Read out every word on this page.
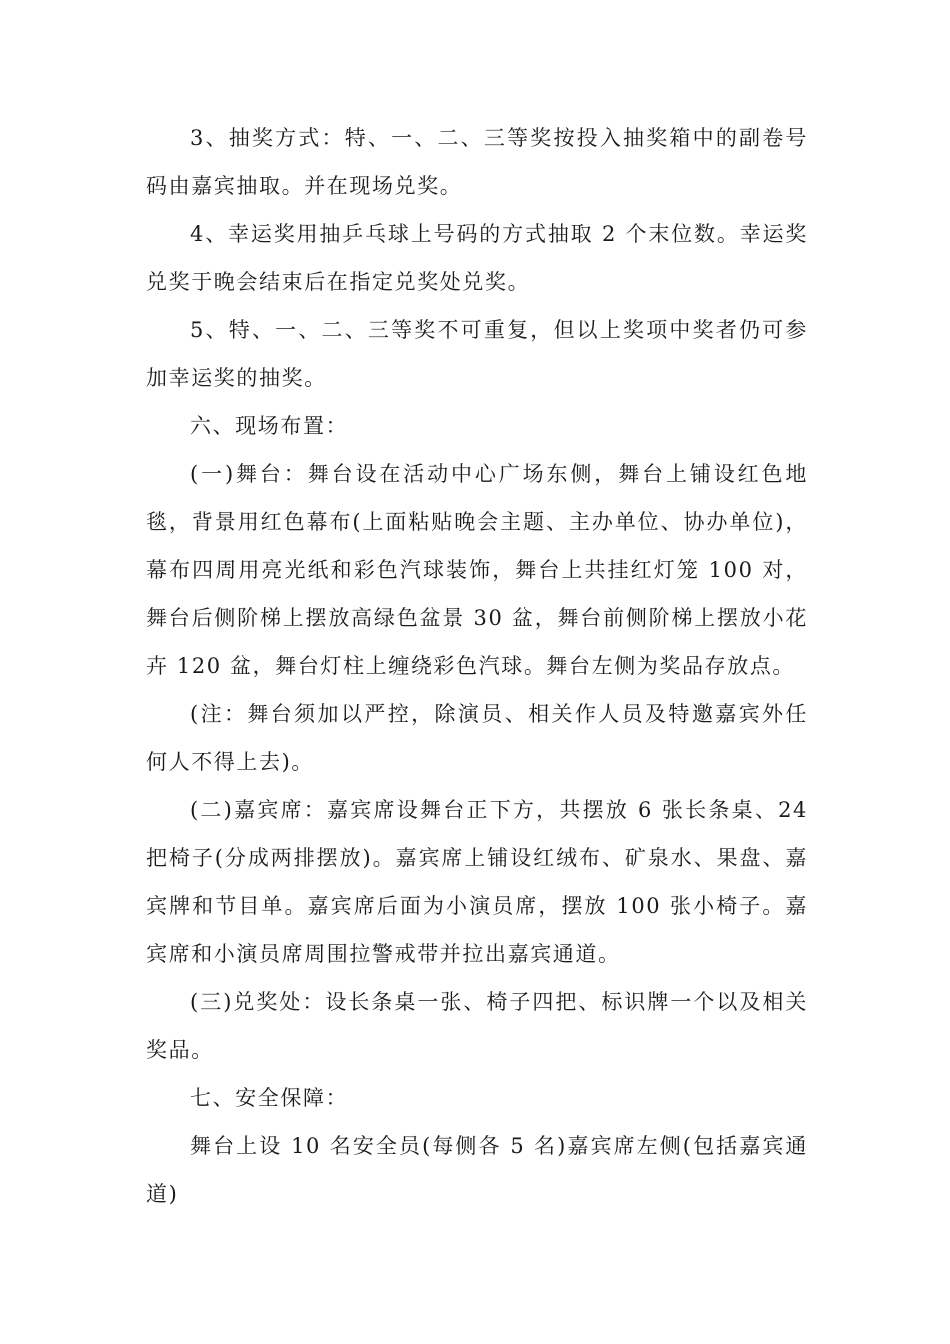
3、抽奖方式：特、一、二、三等奖按投入抽奖箱中的副卷号码由嘉宾抽取。并在现场兑奖。

4、幸运奖用抽乒乓球上号码的方式抽取 2 个末位数。幸运奖兑奖于晚会结束后在指定兑奖处兑奖。

5、特、一、二、三等奖不可重复，但以上奖项中奖者仍可参加幸运奖的抽奖。

六、现场布置：

(一)舞台：舞台设在活动中心广场东侧，舞台上铺设红色地毯，背景用红色幕布(上面粘贴晚会主题、主办单位、协办单位)，幕布四周用亮光纸和彩色汽球装饰，舞台上共挂红灯笼 100 对，舞台后侧阶梯上摆放高绿色盆景 30 盆，舞台前侧阶梯上摆放小花卉 120 盆，舞台灯柱上缠绕彩色汽球。舞台左侧为奖品存放点。

(注：舞台须加以严控，除演员、相关作人员及特邀嘉宾外任何人不得上去)。

(二)嘉宾席：嘉宾席设舞台正下方，共摆放 6 张长条桌、24 把椅子(分成两排摆放)。嘉宾席上铺设红绒布、矿泉水、果盘、嘉宾牌和节目单。嘉宾席后面为小演员席，摆放 100 张小椅子。嘉宾席和小演员席周围拉警戒带并拉出嘉宾通道。

(三)兑奖处：设长条桌一张、椅子四把、标识牌一个以及相关奖品。

七、安全保障：

舞台上设 10 名安全员(每侧各 5 名)嘉宾席左侧(包括嘉宾通道)
